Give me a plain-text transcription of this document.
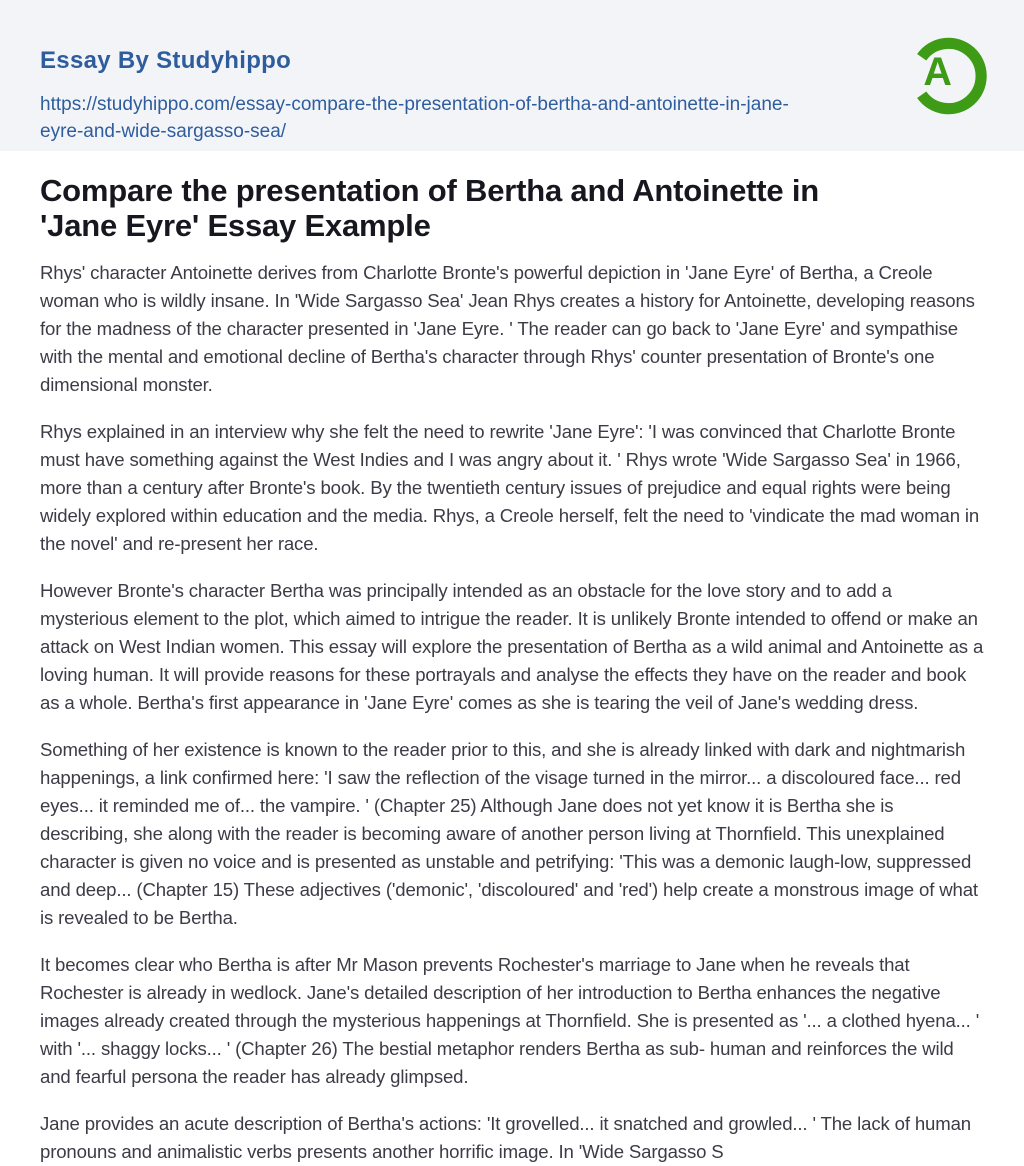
Essay By Studyhippo
https://studyhippo.com/essay-compare-the-presentation-of-bertha-and-antoinette-in-jane-eyre-and-wide-sargasso-sea/
A
Compare the presentation of Bertha and Antoinette in 'Jane Eyre' Essay Example

Rhys' character Antoinette derives from Charlotte Bronte's powerful depiction in 'Jane Eyre' of Bertha, a Creole woman who is wildly insane. In 'Wide Sargasso Sea' Jean Rhys creates a history for Antoinette, developing reasons for the madness of the character presented in 'Jane Eyre. ' The reader can go back to 'Jane Eyre' and sympathise with the mental and emotional decline of Bertha's character through Rhys' counter presentation of Bronte's one dimensional monster.

Rhys explained in an interview why she felt the need to rewrite 'Jane Eyre': 'I was convinced that Charlotte Bronte must have something against the West Indies and I was angry about it. ' Rhys wrote 'Wide Sargasso Sea' in 1966, more than a century after Bronte's book. By the twentieth century issues of prejudice and equal rights were being widely explored within education and the media. Rhys, a Creole herself, felt the need to 'vindicate the mad woman in the novel' and re-present her race.

However Bronte's character Bertha was principally intended as an obstacle for the love story and to add a mysterious element to the plot, which aimed to intrigue the reader. It is unlikely Bronte intended to offend or make an attack on West Indian women. This essay will explore the presentation of Bertha as a wild animal and Antoinette as a loving human. It will provide reasons for these portrayals and analyse the effects they have on the reader and book as a whole. Bertha's first appearance in 'Jane Eyre' comes as she is tearing the veil of Jane's wedding dress.

Something of her existence is known to the reader prior to this, and she is already linked with dark and nightmarish happenings, a link confirmed here: 'I saw the reflection of the visage turned in the mirror... a discoloured face... red eyes... it reminded me of... the vampire. ' (Chapter 25) Although Jane does not yet know it is Bertha she is describing, she along with the reader is becoming aware of another person living at Thornfield. This unexplained character is given no voice and is presented as unstable and petrifying: 'This was a demonic laugh-low, suppressed and deep... (Chapter 15) These adjectives ('demonic', 'discoloured' and 'red') help create a monstrous image of what is revealed to be Bertha.

It becomes clear who Bertha is after Mr Mason prevents Rochester's marriage to Jane when he reveals that Rochester is already in wedlock. Jane's detailed description of her introduction to Bertha enhances the negative images already created through the mysterious happenings at Thornfield. She is presented as '... a clothed hyena... ' with '... shaggy locks... ' (Chapter 26) The bestial metaphor renders Bertha as sub- human and reinforces the wild and fearful persona the reader has already glimpsed.

Jane provides an acute description of Bertha's actions: 'It grovelled... it snatched and growled... ' The lack of human pronouns and animalistic verbs presents another horrific image. In 'Wide Sargasso S
